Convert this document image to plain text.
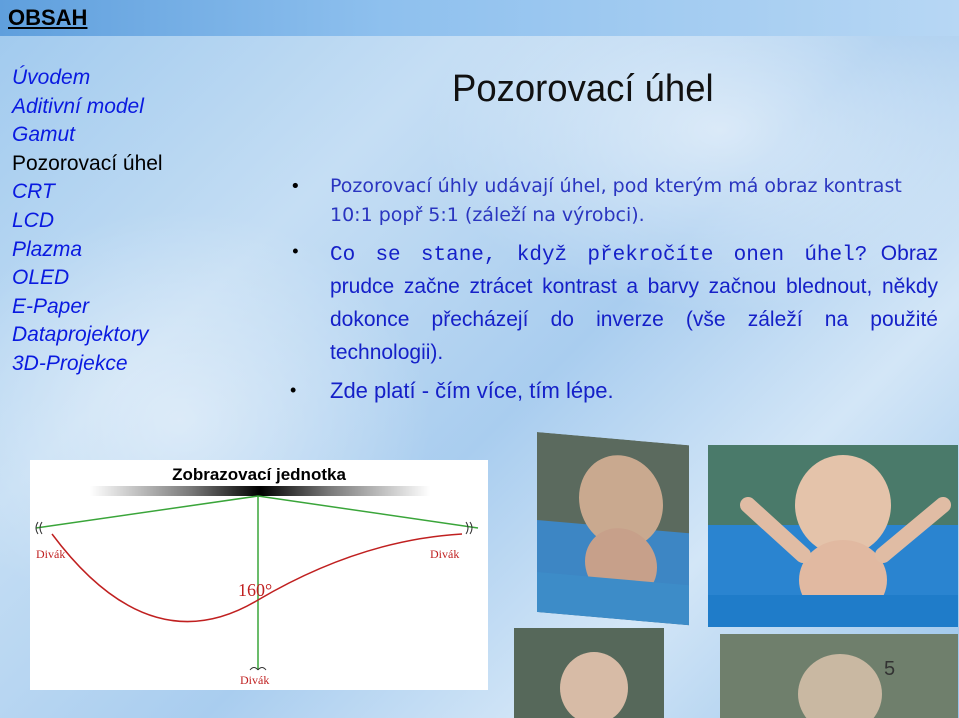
OBSAH
Úvodem
Aditivní model
Gamut
Pozorovací úhel
CRT
LCD
Plazma
OLED
E-Paper
Dataprojektory
3D-Projekce
Pozorovací úhel
• Pozorovací úhly udávají úhel, pod kterým má obraz kontrast 10:1 popř 5:1 (záleží na výrobci).
• Co se stane, když překročíte onen úhel? Obraz prudce začne ztrácet kontrast a barvy začnou blednout, někdy dokonce přecházejí do inverze (vše záleží na použité technologii).
• Zde platí - čím více, tím lépe.
Zobrazovací jednotka
Divák	Divák
160°
Divák	5
